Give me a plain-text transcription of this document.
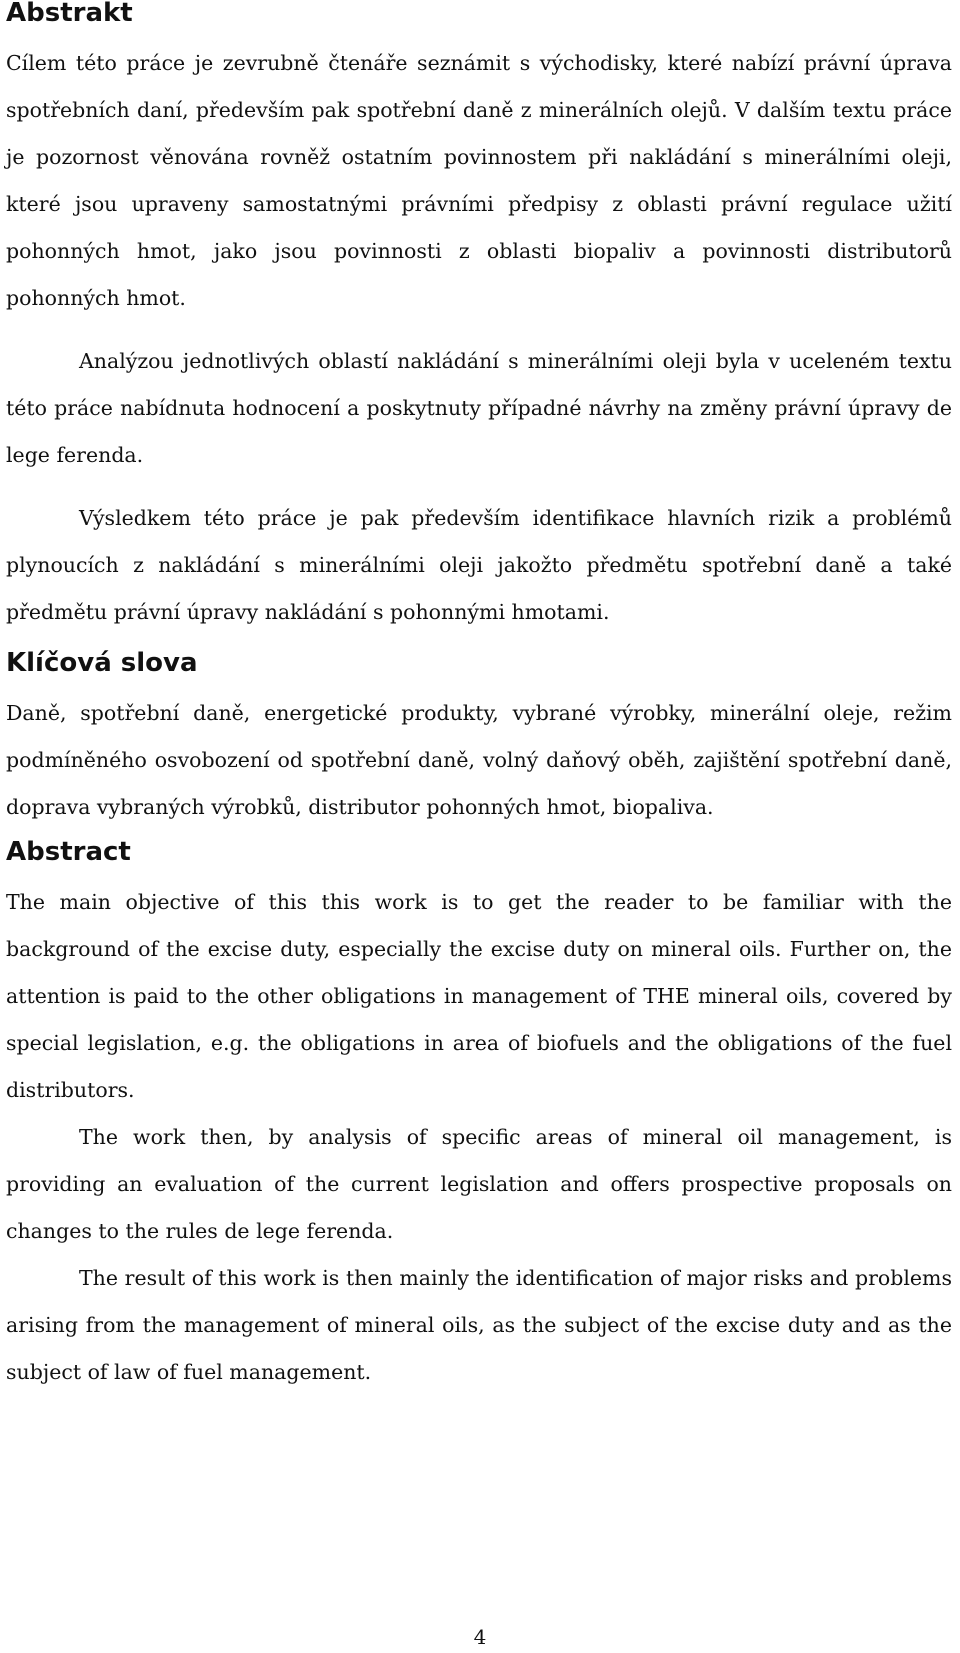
Abstrakt

Cílem této práce je zevrubně čtenáře seznámit s východisky, které nabízí právní úprava spotřebních daní, především pak spotřební daně z minerálních olejů. V dalším textu práce je pozornost věnována rovněž ostatním povinnostem při nakládání s minerálními oleji, které jsou upraveny samostatnými právními předpisy z oblasti právní regulace užití pohonných hmot, jako jsou povinnosti z oblasti biopaliv a povinnosti distributorů pohonných hmot.

Analýzou jednotlivých oblastí nakládání s minerálními oleji byla v uceleném textu této práce nabídnuta hodnocení a poskytnuty případné návrhy na změny právní úpravy de lege ferenda.

Výsledkem této práce je pak především identifikace hlavních rizik a problémů plynoucích z nakládání s minerálními oleji jakožto předmětu spotřební daně a také předmětu právní úpravy nakládání s pohonnými hmotami.

Klíčová slova

Daně, spotřební daně, energetické produkty, vybrané výrobky, minerální oleje, režim podmíněného osvobození od spotřební daně, volný daňový oběh, zajištění spotřební daně, doprava vybraných výrobků, distributor pohonných hmot, biopaliva.

Abstract

The main objective of this this work is to get the reader to be familiar with the background of the excise duty, especially the excise duty on mineral oils. Further on, the attention is paid to the other obligations in management of THE mineral oils, covered by special legislation, e.g. the obligations in area of biofuels and the obligations of the fuel distributors.

The work then, by analysis of specific areas of mineral oil management, is providing an evaluation of the current legislation and offers prospective proposals on changes to the rules de lege ferenda.

The result of this work is then mainly the identification of major risks and problems arising from the management of mineral oils, as the subject of the excise duty and as the subject of law of fuel management.

4
